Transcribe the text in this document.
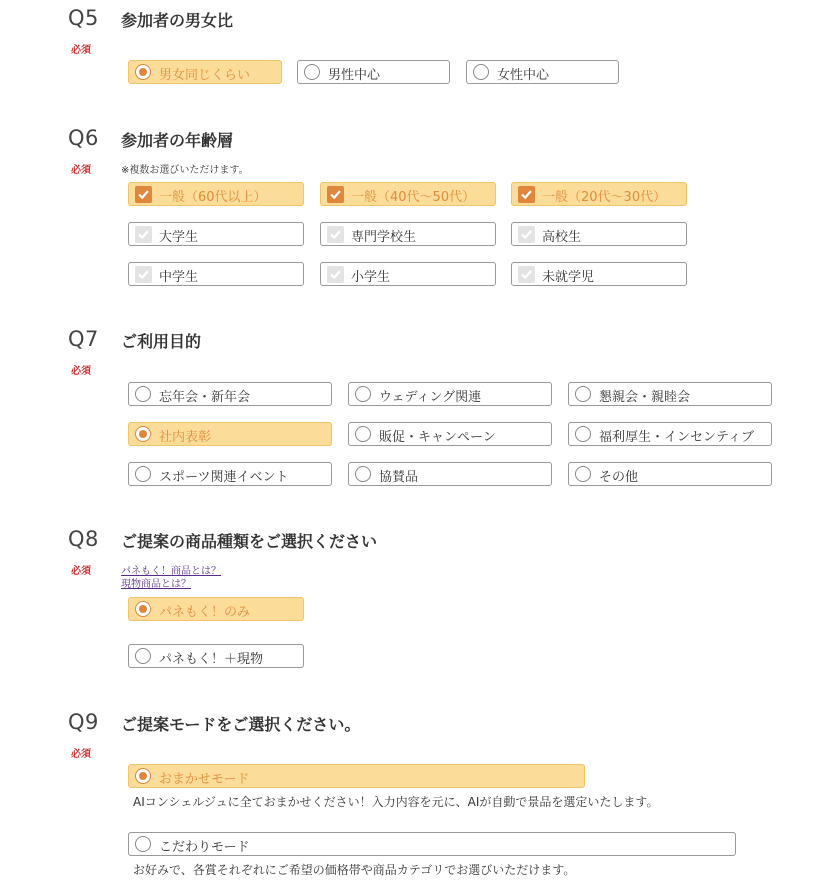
Q5 参加者の男女比
必須
男女同じくらい	男性中心	女性中心
Q6 参加者の年齢層
必須	※複数お選びいただけます。
一般（60代以上）	一般（40代〜50代）	一般（20代〜30代）
大学生	専門学校生	高校生
中学生	小学生	未就学児
Q7 ご利用目的
必須
忘年会・新年会	ウェディング関連	懇親会・親睦会
社内表彰	販促・キャンペーン	福利厚生・インセンティブ
スポーツ関連イベント	協賛品	その他
Q8 ご提案の商品種類をご選択ください
必須	パネもく！商品とは？
現物商品とは？
パネもく！のみ
パネもく！＋現物
Q9 ご提案モードをご選択ください。
必須
おまかせモード
AIコンシェルジュに全ておまかせください！入力内容を元に、AIが自動で景品を選定いたします。
こだわりモード
お好みで、各賞それぞれにご希望の価格帯や商品カテゴリでお選びいただけます。
